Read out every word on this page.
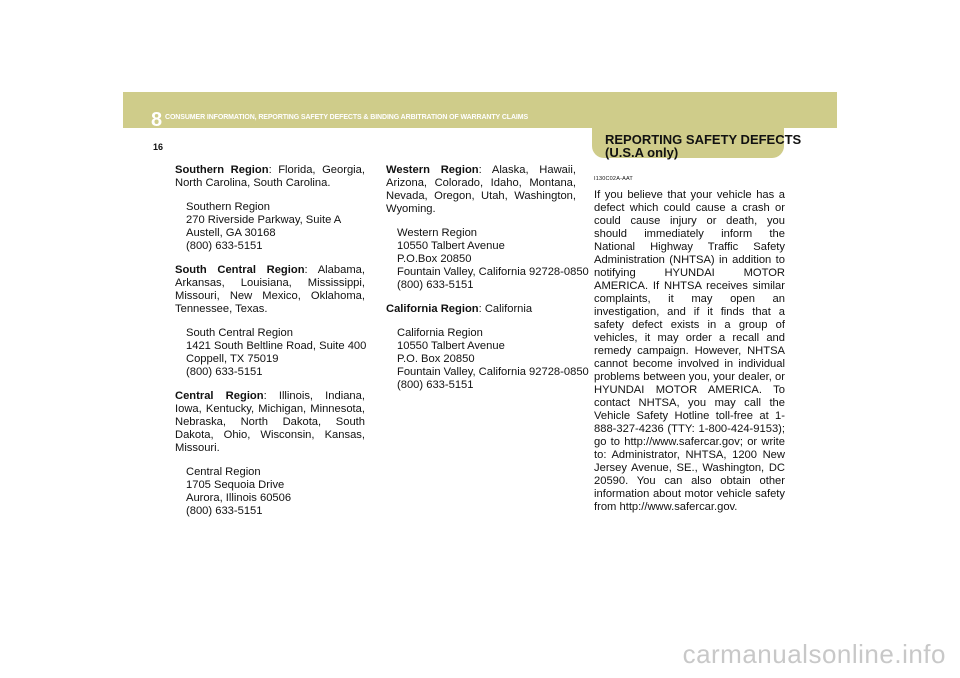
8 CONSUMER INFORMATION, REPORTING SAFETY DEFECTS & BINDING ARBITRATION OF WARRANTY CLAIMS
16	REPORTING SAFETY DEFECTS
(U.S.A only)

Southern Region: Florida, Georgia, North Carolina, South Carolina.

Southern Region
270 Riverside Parkway, Suite A
Austell, GA 30168
(800) 633-5151

South Central Region: Alabama, Arkansas, Louisiana, Mississippi, Missouri, New Mexico, Oklahoma, Tennessee, Texas.

South Central Region
1421 South Beltline Road, Suite 400
Coppell, TX 75019
(800) 633-5151

Central Region: Illinois, Indiana, Iowa, Kentucky, Michigan, Minnesota, Nebraska, North Dakota, South Dakota, Ohio, Wisconsin, Kansas, Missouri.

Central Region
1705 Sequoia Drive
Aurora, Illinois 60506
(800) 633-5151

Western Region: Alaska, Hawaii, Arizona, Colorado, Idaho, Montana, Nevada, Oregon, Utah, Washington, Wyoming.

Western Region
10550 Talbert Avenue
P.O.Box 20850
Fountain Valley, California 92728-0850
(800) 633-5151

California Region: California

California Region
10550 Talbert Avenue
P.O. Box 20850
Fountain Valley, California 92728-0850
(800) 633-5151
I130C02A-AAT

If you believe that your vehicle has a defect which could cause a crash or could cause injury or death, you should immediately inform the National Highway Traffic Safety Administration (NHTSA) in addition to notifying HYUNDAI MOTOR AMERICA. If NHTSA receives similar complaints, it may open an investigation, and if it finds that a safety defect exists in a group of vehicles, it may order a recall and remedy campaign. However, NHTSA cannot become involved in individual problems between you, your dealer, or HYUNDAI MOTOR AMERICA. To contact NHTSA, you may call the Vehicle Safety Hotline toll-free at 1-888-327-4236 (TTY: 1-800-424-9153); go to http://www.safercar.gov; or write to: Administrator, NHTSA, 1200 New Jersey Avenue, SE., Washington, DC 20590. You can also obtain other information about motor vehicle safety from http://www.safercar.gov.

carmanualsonline.info
